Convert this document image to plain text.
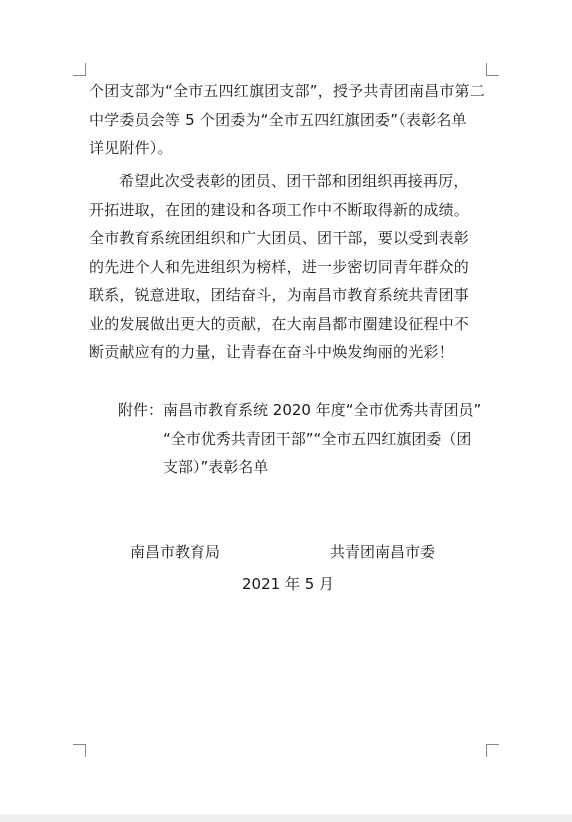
个团支部为“全市五四红旗团支部”，授予共青团南昌市第二
中学委员会等 5 个团委为“全市五四红旗团委”（表彰名单
详见附件）。
希望此次受表彰的团员、团干部和团组织再接再厉，
开拓进取，在团的建设和各项工作中不断取得新的成绩。
全市教育系统团组织和广大团员、团干部，要以受到表彰
的先进个人和先进组织为榜样，进一步密切同青年群众的
联系，锐意进取，团结奋斗，为南昌市教育系统共青团事
业的发展做出更大的贡献，在大南昌都市圈建设征程中不
断贡献应有的力量，让青春在奋斗中焕发绚丽的光彩！
附件：南昌市教育系统 2020 年度“全市优秀共青团员”
“全市优秀共青团干部”“全市五四红旗团委（团
支部）”表彰名单
南昌市教育局	共青团南昌市委
2021 年 5 月
